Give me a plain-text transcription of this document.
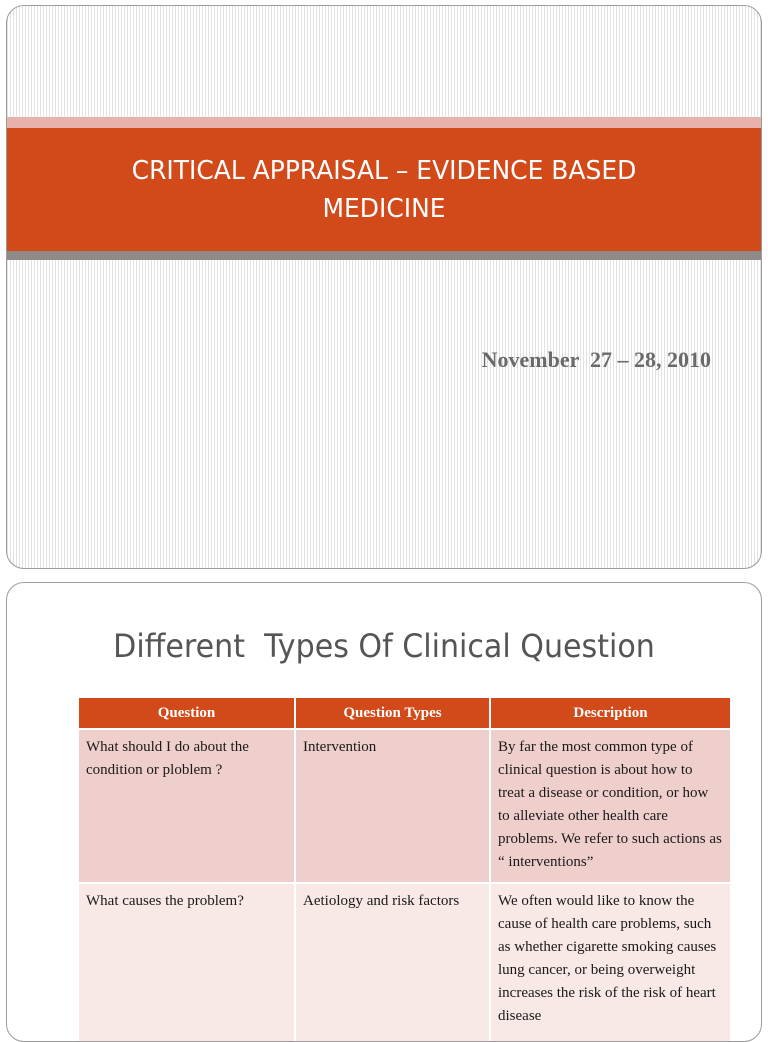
CRITICAL APPRAISAL – EVIDENCE BASED MEDICINE
November  27 – 28, 2010
Different  Types Of Clinical Question
Question	Question Types	Description
What should I do about the condition or ploblem ?	Intervention	By far the most common type of clinical question is about how to treat a disease or condition, or how to alleviate other health care problems. We refer to such actions as “ interventions”
What causes the problem?	Aetiology and risk factors	We often would like to know the cause of health care problems, such as whether cigarette smoking causes lung cancer, or being overweight increases the risk of the risk of heart disease
